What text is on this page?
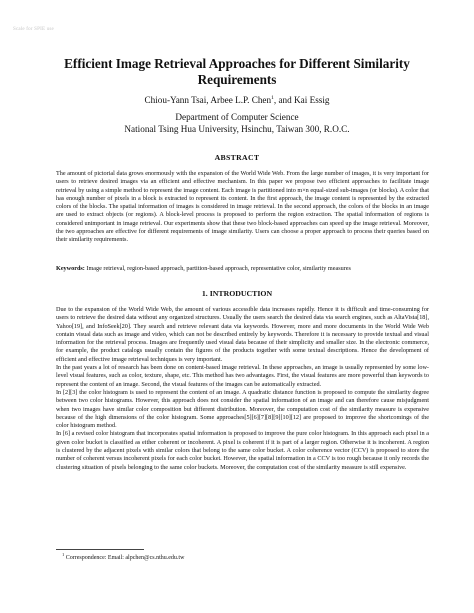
Scale for SPIE use
Efficient Image Retrieval Approaches for Different Similarity
Requirements
Chiou-Yann Tsai, Arbee L.P. Chen$^1$, and Kai Essig
Department of Computer Science
National Tsing Hua University, Hsinchu, Taiwan 300, R.O.C.
ABSTRACT
The amount of pictorial data grows enormously with the expansion of the World Wide Web. From the large number of images, it is very important for users to retrieve desired images via an efficient and effective mechanism. In this paper we propose two efficient approaches to facilitate image retrieval by using a simple method to represent the image content. Each image is partitioned into m×n equal-sized sub-images (or blocks). A color that has enough number of pixels in a block is extracted to represent its content. In the first approach, the image content is represented by the extracted colors of the blocks. The spatial information of images is considered in image retrieval. In the second approach, the colors of the blocks in an image are used to extract objects (or regions). A block-level process is proposed to perform the region extraction. The spatial information of regions is considered unimportant in image retrieval. Our experiments show that these two block-based approaches can speed up the image retrieval. Moreover, the two approaches are effective for different requirements of image similarity. Users can choose a proper approach to process their queries based on their similarity requirements.
Keywords: Image retrieval, region-based approach, partition-based approach, representative color, similarity measures
1. INTRODUCTION

Due to the expansion of the World Wide Web, the amount of various accessible data increases rapidly. Hence it is difficult and time-consuming for users to retrieve the desired data without any organized structures. Usually the users search the desired data via search engines, such as AltaVista[18], Yahoo[19], and InfoSeek[20]. They search and retrieve relevant data via keywords. However, more and more documents in the World Wide Web contain visual data such as image and video, which can not be described entirely by keywords. Therefore it is necessary to provide textual and visual information for the retrieval process. Images are frequently used visual data because of their simplicity and smaller size. In the electronic commerce, for example, the product catalogs usually contain the figures of the products together with some textual descriptions. Hence the development of efficient and effective image retrieval techniques is very important.

In the past years a lot of research has been done on content-based image retrieval. In these approaches, an image is usually represented by some low-level visual features, such as color, texture, shape, etc. This method has two advantages. First, the visual features are more powerful than keywords to represent the content of an image. Second, the visual features of the images can be automatically extracted.

In [2][3] the color histogram is used to represent the content of an image. A quadratic distance function is proposed to compute the similarity degree between two color histograms. However, this approach does not consider the spatial information of an image and can therefore cause misjudgment when two images have similar color composition but different distribution. Moreover, the computation cost of the similarity measure is expensive because of the high dimensions of the color histogram. Some approaches[5][6][7][8][9][10][12] are proposed to improve the shortcomings of the color histogram method.

In [6] a revised color histogram that incorporates spatial information is proposed to improve the pure color histogram. In this approach each pixel in a given color bucket is classified as either coherent or incoherent. A pixel is coherent if it is part of a larger region. Otherwise it is incoherent. A region is clustered by the adjacent pixels with similar colors that belong to the same color bucket. A color coherence vector (CCV) is proposed to store the number of coherent versus incoherent pixels for each color bucket. However, the spatial information in a CCV is too rough because it only records the clustering situation of pixels belonging to the same color buckets. Moreover, the computation cost of the similarity measure is still expensive.

$^1$ Correspondence: Email: alpchen@cs.nthu.edu.tw
